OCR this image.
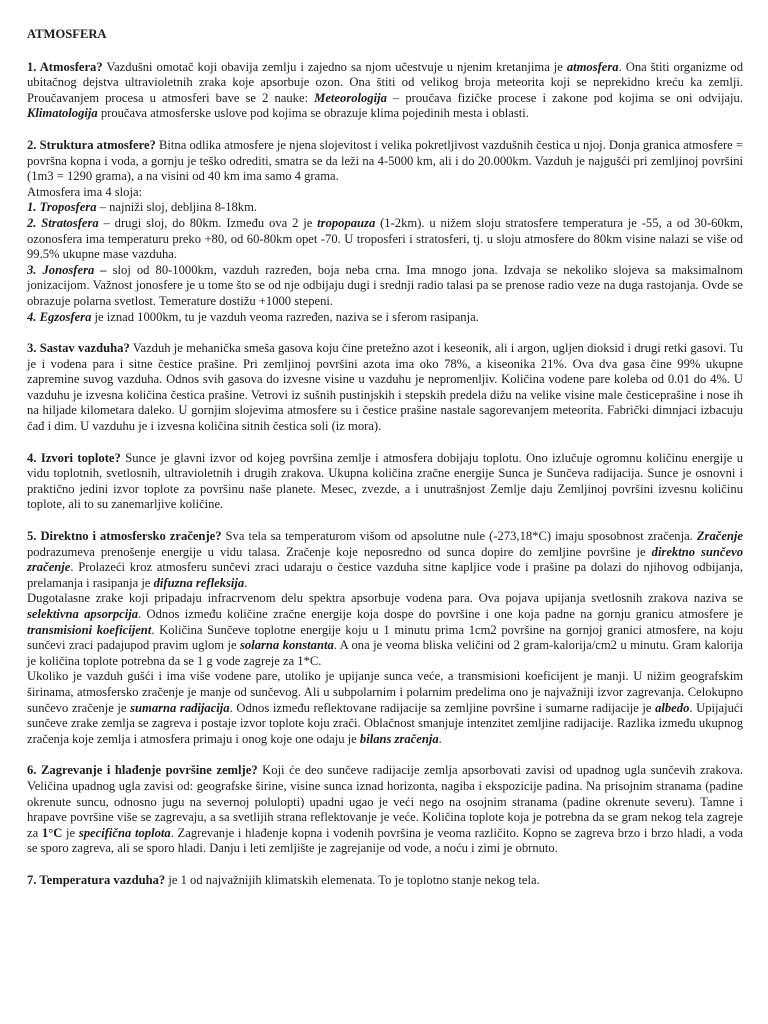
ATMOSFERA

1. Atmosfera? Vazdušni omotač koji obavija zemlju i zajedno sa njom učestvuje u njenim kretanjima je atmosfera. Ona štiti organizme od ubitačnog dejstva ultravioletnih zraka koje apsorbuje ozon. Ona štiti od velikog broja meteorita koji se neprekidno kreću ka zemlji. Proučavanjem procesa u atmosferi bave se 2 nauke: Meteorologija – proučava fizičke procese i zakone pod kojima se oni odvijaju. Klimatologija proučava atmosferske uslove pod kojima se obrazuje klima pojedinih mesta i oblasti.

2. Struktura atmosfere? Bitna odlika atmosfere je njena slojevitost i velika pokretljivost vazdušnih čestica u njoj. Donja granica atmosfere = površna kopna i voda, a gornju je teško odrediti, smatra se da leži na 4-5000 km, ali i do 20.000km. Vazduh je najgušći pri zemljinoj površini (1m3 = 1290 grama), a na visini od 40 km ima samo 4 grama.

Atmosfera ima 4 sloja:

1. Troposfera – najniži sloj, debljina 8-18km.

2. Stratosfera – drugi sloj, do 80km. Između ova 2 je tropopauza (1-2km). u nižem sloju stratosfere temperatura je -55, a od 30-60km, ozonosfera ima temperaturu preko +80, od 60-80km opet -70. U troposferi i stratosferi, tj. u sloju atmosfere do 80km visine nalazi se više od 99.5% ukupne mase vazduha.

3. Jonosfera – sloj od 80-1000km, vazduh razređen, boja neba crna. Ima mnogo jona. Izdvaja se nekoliko slojeva sa maksimalnom jonizacijom. Važnost jonosfere je u tome što se od nje odbijaju dugi i srednji radio talasi pa se prenose radio veze na duga rastojanja. Ovde se obrazuje polarna svetlost. Temerature dostižu +1000 stepeni.

4. Egzosfera je iznad 1000km, tu je vazduh veoma razređen, naziva se i sferom rasipanja.

3. Sastav vazduha? Vazduh je mehanička smeša gasova koju čine pretežno azot i keseonik, ali i argon, ugljen dioksid i drugi retki gasovi. Tu je i vodena para i sitne čestice prašine. Pri zemljinoj površini azota ima oko 78%, a kiseonika 21%. Ova dva gasa čine 99% ukupne zapremine suvog vazduha. Odnos svih gasova do izvesne visine u vazduhu je nepromenljiv. Količina vodene pare koleba od 0.01 do 4%. U vazduhu je izvesna količina čestica prašine. Vetrovi iz sušnih pustinjskih i stepskih predela dižu na velike visine male česticeprašine i nose ih na hiljade kilometara daleko. U gornjim slojevima atmosfere su i čestice prašine nastale sagorevanjem meteorita. Fabrički dimnjaci izbacuju čađ i dim. U vazduhu je i izvesna količina sitnih čestica soli (iz mora).

4. Izvori toplote? Sunce je glavni izvor od kojeg površina zemlje i atmosfera dobijaju toplotu. Ono izlučuje ogromnu količinu energije u vidu toplotnih, svetlosnih, ultravioletnih i drugih zrakova. Ukupna količina zračne energije Sunca je Sunčeva radijacija. Sunce je osnovni i praktično jedini izvor toplote za površinu naše planete. Mesec, zvezde, a i unutrašnjost Zemlje daju Zemljinoj površini izvesnu količinu toplote, ali to su zanemarljive količine.

5. Direktno i atmosfersko zračenje? Sva tela sa temperaturom višom od apsolutne nule (-273,18*C) imaju sposobnost zračenja. Zračenje podrazumeva prenošenje energije u vidu talasa. Zračenje koje neposredno od sunca dopire do zemljine površine je direktno sunčevo zračenje. Prolazeći kroz atmosferu sunčevi zraci udaraju o čestice vazduha sitne kapljice vode i prašine pa dolazi do njihovog odbijanja, prelamanja i rasipanja je difuzna refleksija.

Dugotalasne zrake koji pripadaju infracrvenom delu spektra apsorbuje vodena para. Ova pojava upijanja svetlosnih zrakova naziva se selektivna apsorpcija. Odnos između količine zračne energije koja dospe do površine i one koja padne na gornju granicu atmosfere je transmisioni koeficijent. Količina Sunčeve toplotne energije koju u 1 minutu prima 1cm2 površine na gornjoj granici atmosfere, na koju sunčevi zraci padajupod pravim uglom je solarna konstanta. A ona je veoma bliska veličini od 2 gram-kalorija/cm2 u minutu. Gram kalorija je količina toplote potrebna da se 1 g vode zagreje za 1*C.

Ukoliko je vazduh gušći i ima više vodene pare, utoliko je upijanje sunca veće, a transmisioni koeficijent je manji. U nižim geografskim širinama, atmosfersko zračenje je manje od sunčevog. Ali u subpolarnim i polarnim predelima ono je najvažniji izvor zagrevanja. Celokupno sunčevo zračenje je sumarna radijacija. Odnos između reflektovane radijacije sa zemljine površine i sumarne radijacije je albedo. Upijajući sunčeve zrake zemlja se zagreva i postaje izvor toplote koju zrači. Oblačnost smanjuje intenzitet zemljine radijacije. Razlika između ukupnog zračenja koje zemlja i atmosfera primaju i onog koje one odaju je bilans zračenja.

6. Zagrevanje i hlađenje površine zemlje? Koji će deo sunčeve radijacije zemlja apsorbovati zavisi od upadnog ugla sunčevih zrakova. Veličina upadnog ugla zavisi od: geografske širine, visine sunca iznad horizonta, nagiba i ekspozicije padina. Na prisojnim stranama (padine okrenute suncu, odnosno jugu na severnoj polulopti) upadni ugao je veći nego na osojnim stranama (padine okrenute severu). Tamne i hrapave površine više se zagrevaju, a sa svetlijih strana reflektovanje je veće. Količina toplote koja je potrebna da se gram nekog tela zagreje za 1°C je specifična toplota. Zagrevanje i hlađenje kopna i vodenih površina je veoma različito. Kopno se zagreva brzo i brzo hladi, a voda se sporo zagreva, ali se sporo hladi. Danju i leti zemljište je zagrejanije od vode, a noću i zimi je obrnuto.

7. Temperatura vazduha? je 1 od najvažnijih klimatskih elemenata. To je toplotno stanje nekog tela.
